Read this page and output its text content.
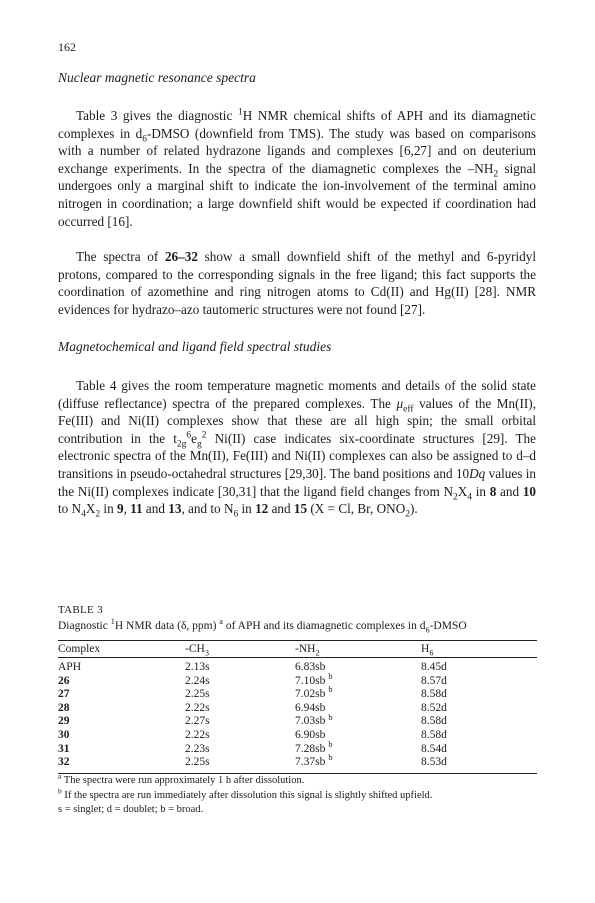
162
Nuclear magnetic resonance spectra

Table 3 gives the diagnostic $^1$H NMR chemical shifts of APH and its diamagnetic complexes in $d_6$-DMSO (downfield from TMS). The study was based on comparisons with a number of related hydrazone ligands and complexes [6,27] and on deuterium exchange experiments. In the spectra of the diamagnetic complexes the $-NH_2$ signal undergoes only a marginal shift to indicate the ion-involvement of the terminal amino nitrogen in coordination; a large downfield shift would be expected if coordination had occurred [16].

The spectra of 26–32 show a small downfield shift of the methyl and 6-pyridyl protons, compared to the corresponding signals in the free ligand; this fact supports the coordination of azomethine and ring nitrogen atoms to Cd(II) and Hg(II) [28]. NMR evidences for hydrazo–azo tautomeric structures were not found [27].

Magnetochemical and ligand field spectral studies

Table 4 gives the room temperature magnetic moments and details of the solid state (diffuse reflectance) spectra of the prepared complexes. The $\mu_{eff}$ values of the Mn(II), Fe(III) and Ni(II) complexes show that these are all high spin; the small orbital contribution in the $t_{2g}^6e_g^2$ Ni(II) case indicates six-coordinate structures [29]. The electronic spectra of the Mn(II), Fe(III) and Ni(II) complexes can also be assigned to d–d transitions in pseudo-octahedral structures [29,30]. The band positions and 10Dq values in the Ni(II) complexes indicate [30,31] that the ligand field changes from $N_2X_4$ in 8 and 10 to $N_4X_2$ in 9, 11 and 13, and to $N_6$ in 12 and 15 (X = Cl, Br, $ONO_2$).

TABLE 3
Diagnostic $^1$H NMR data (δ, ppm) $^a$ of APH and its diamagnetic complexes in $d_6$-DMSO
Complex	$-CH_3$	$-NH_2$	$H_6$
APH	2.13s	6.83sb	8.45d
26	2.24s	7.10sb $^b$	8.57d
27	2.25s	7.02sb $^b$	8.58d
28	2.22s	6.94sb	8.52d
29	2.27s	7.03sb $^b$	8.58d
30	2.22s	6.90sb	8.58d
31	2.23s	7.28sb $^b$	8.54d
32	2.25s	7.37sb $^b$	8.53d
$^a$ The spectra were run approximately 1 h after dissolution.
$^b$ If the spectra are run immediately after dissolution this signal is slightly shifted upfield.
s = singlet; d = doublet; b = broad.
